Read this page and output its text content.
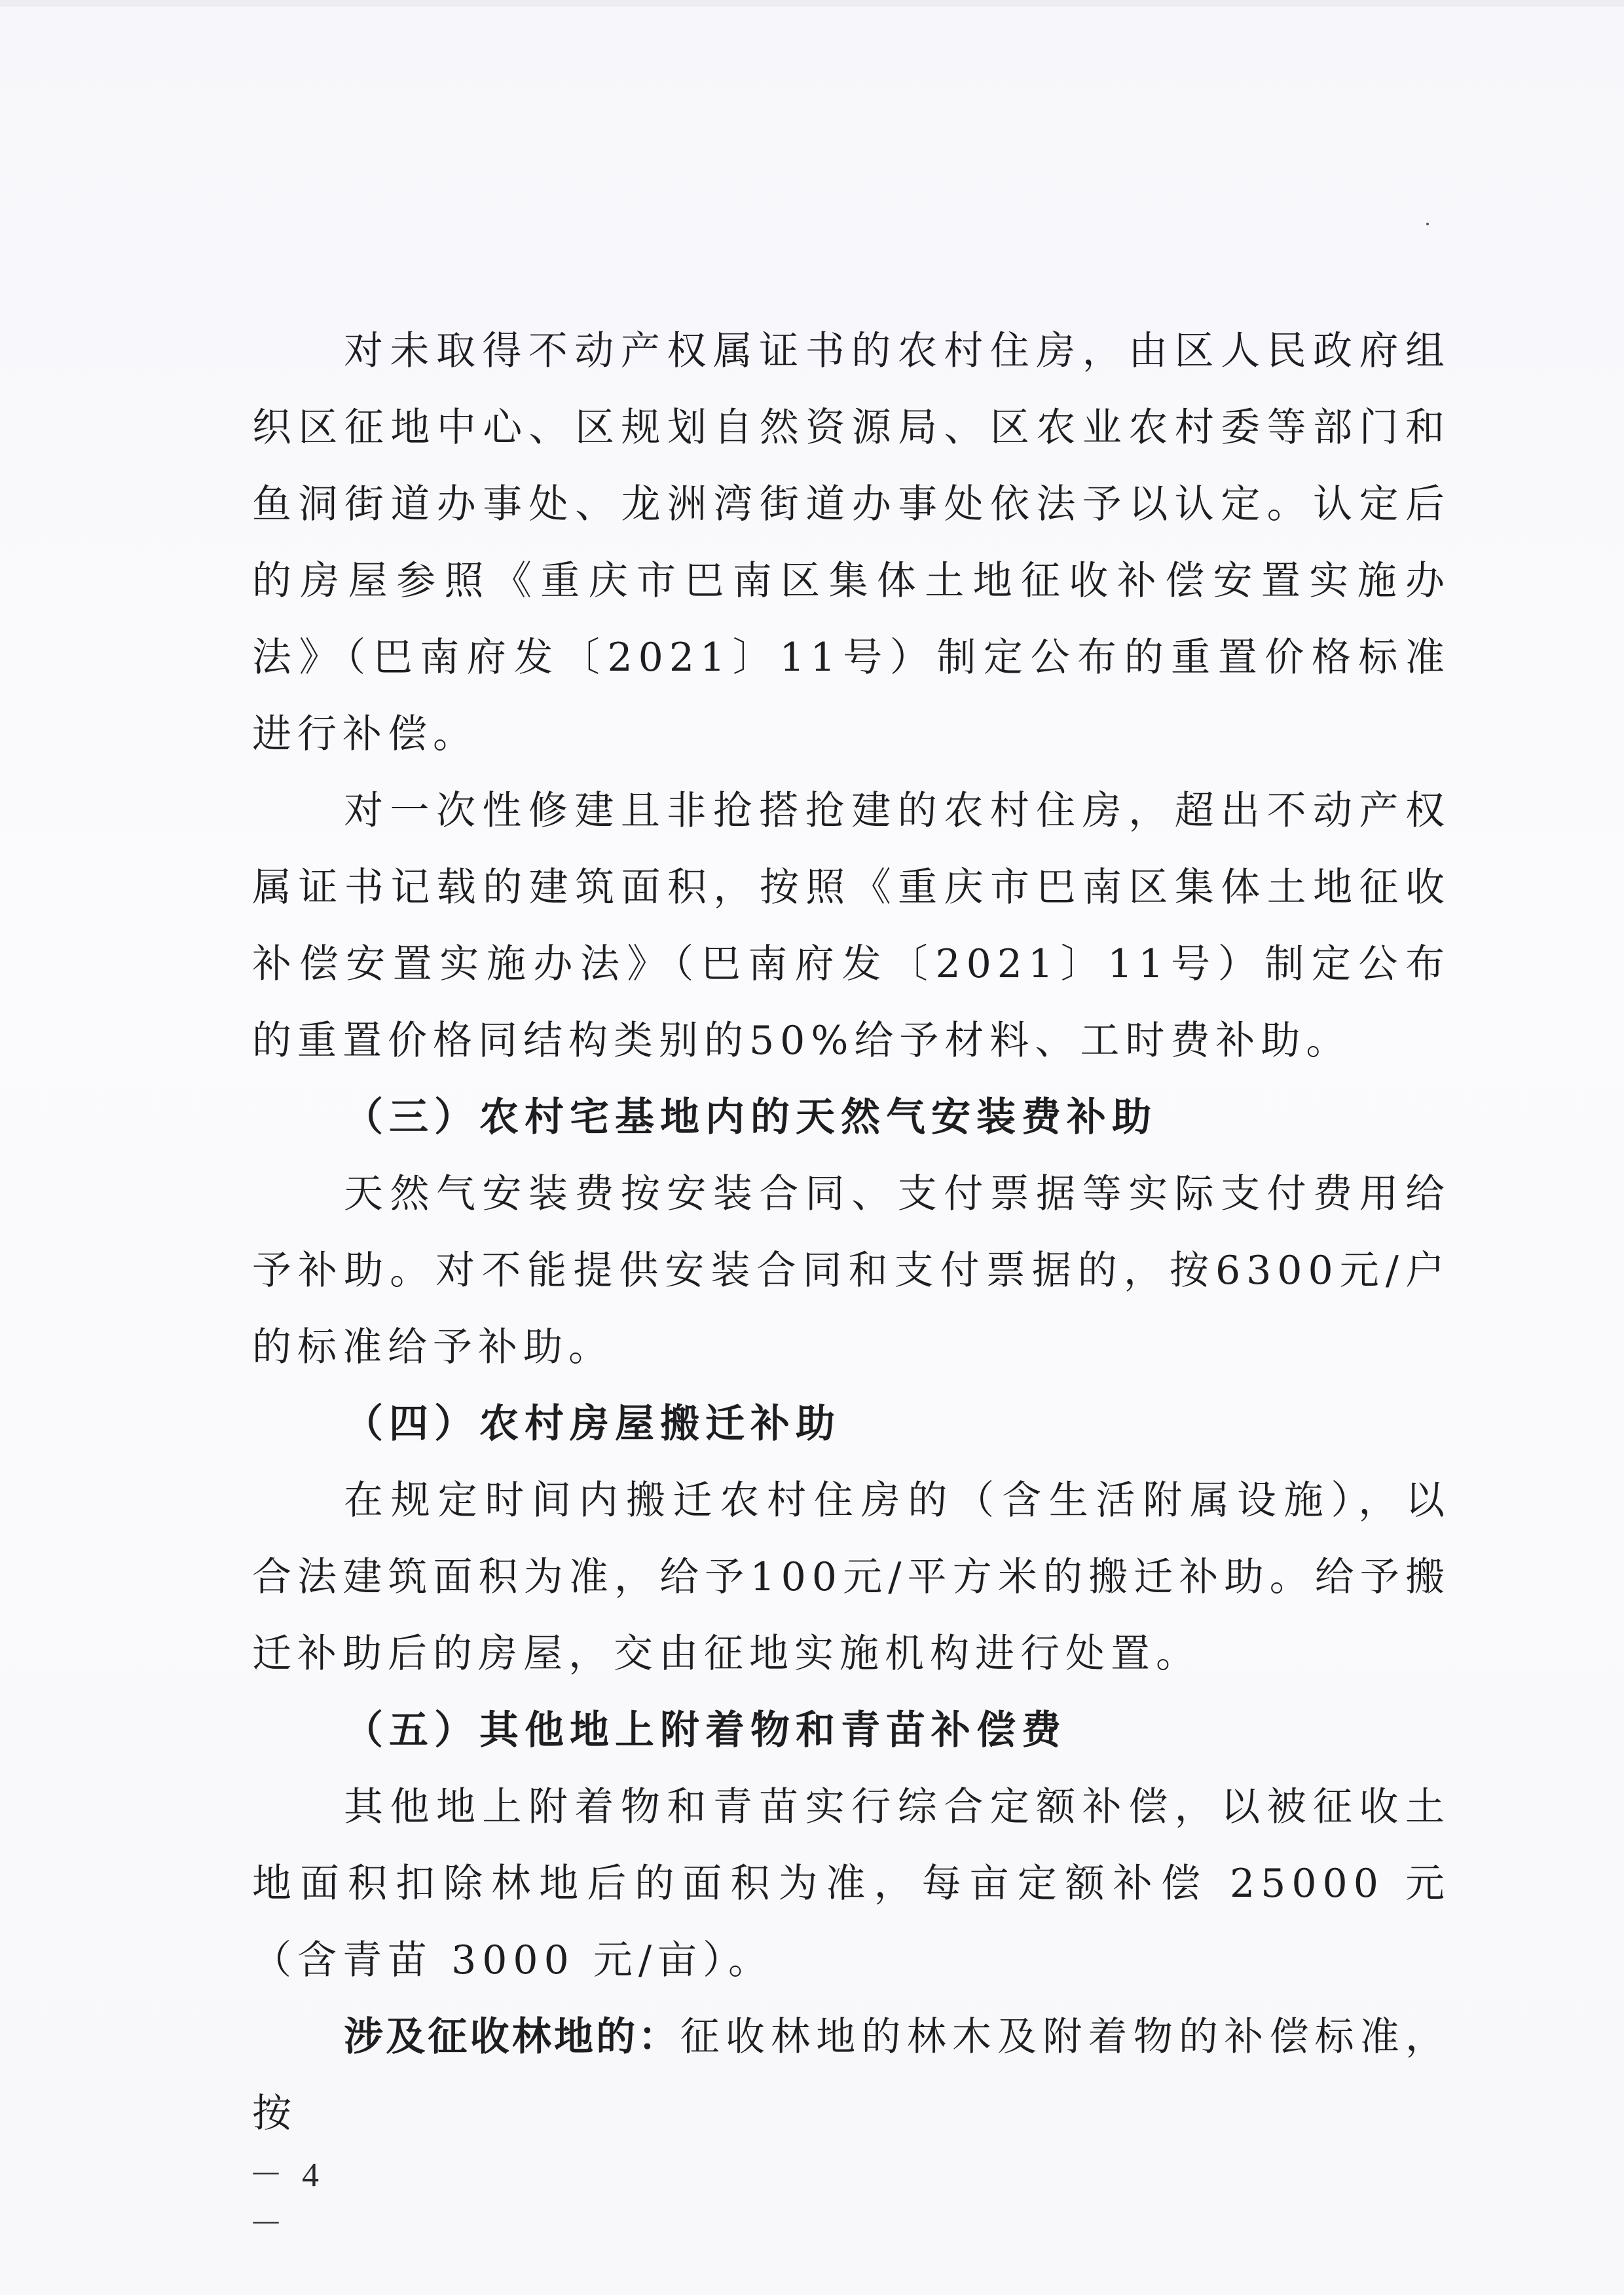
对未取得不动产权属证书的农村住房，由区人民政府组织区征地中心、区规划自然资源局、区农业农村委等部门和鱼洞街道办事处、龙洲湾街道办事处依法予以认定。认定后的房屋参照《重庆市巴南区集体土地征收补偿安置实施办法》（巴南府发〔2021〕11号）制定公布的重置价格标准进行补偿。

对一次性修建且非抢搭抢建的农村住房，超出不动产权属证书记载的建筑面积，按照《重庆市巴南区集体土地征收补偿安置实施办法》（巴南府发〔2021〕11号）制定公布的重置价格同结构类别的50%给予材料、工时费补助。

（三）农村宅基地内的天然气安装费补助

天然气安装费按安装合同、支付票据等实际支付费用给予补助。对不能提供安装合同和支付票据的，按6300元/户的标准给予补助。

（四）农村房屋搬迁补助

在规定时间内搬迁农村住房的（含生活附属设施），以合法建筑面积为准，给予100元/平方米的搬迁补助。给予搬迁补助后的房屋，交由征地实施机构进行处置。

（五）其他地上附着物和青苗补偿费

其他地上附着物和青苗实行综合定额补偿，以被征收土地面积扣除林地后的面积为准，每亩定额补偿 25000 元（含青苗 3000 元/亩）。

涉及征收林地的：征收林地的林木及附着物的补偿标准，按

－ 4 －
